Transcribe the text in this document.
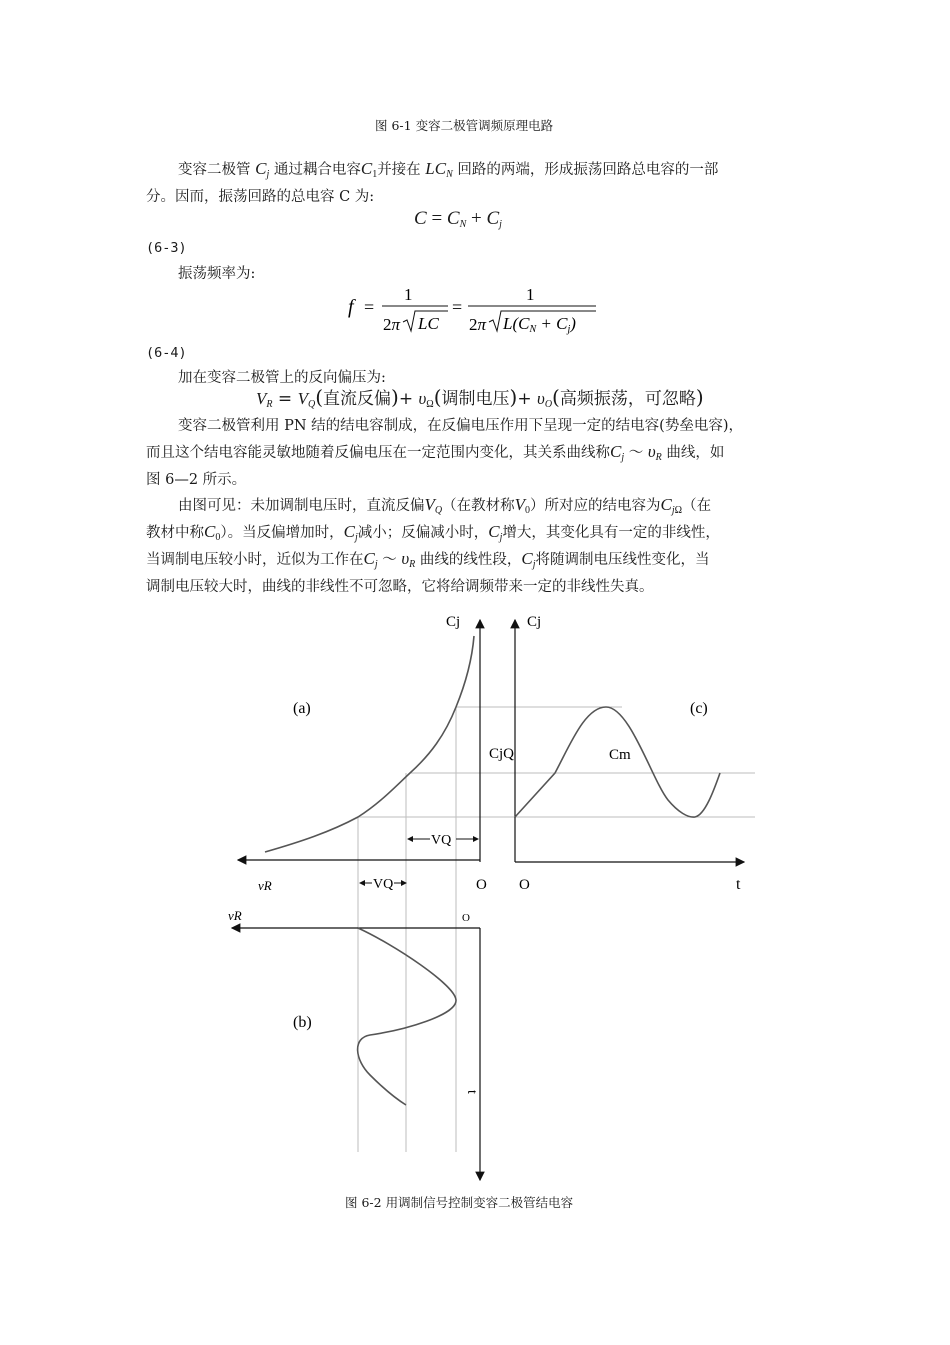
图 6-1 变容二极管调频原理电路
变容二极管 $C_j$ 通过耦合电容$C_1$并接在 $LC_N$ 回路的两端，形成振荡回路总电容的一部
分。因而，振荡回路的总电容 C 为:
$C = C_N + C_j$
(6-3)
振荡频率为:
f =
1
2π LC
=
1
2π L(CN + Cj)
(6-4)
加在变容二极管上的反向偏压为:
$V_R = V_Q$(直流反偏)+ $\upsilon_\Omega$(调制电压)+ $\upsilon_O$(高频振荡，可忽略)
变容二极管利用 PN 结的结电容制成，在反偏电压作用下呈现一定的结电容(势垒电容)，
而且这个结电容能灵敏地随着反偏电压在一定范围内变化，其关系曲线称$C_j$ ～ $\upsilon_R$ 曲线，如
图 6—2 所示。
由图可见：未加调制电压时，直流反偏$V_Q$（在教材称$V_0$）所对应的结电容为$C_{j\Omega}$（在
教材中称$C_0$）。当反偏增加时，$C_j$减小；反偏减小时，$C_j$增大，其变化具有一定的非线性，
当调制电压较小时，近似为工作在$C_j$ ～ $\upsilon_R$ 曲线的线性段，$C_j$将随调制电压线性变化，当
调制电压较大时，曲线的非线性不可忽略，它将给调频带来一定的非线性失真。
(a)
Cj
VQ
vR	VQ	O
Cj
(c)
CjQ	Cm
O	t
vR	O
(b)
t
图 6-2 用调制信号控制变容二极管结电容
